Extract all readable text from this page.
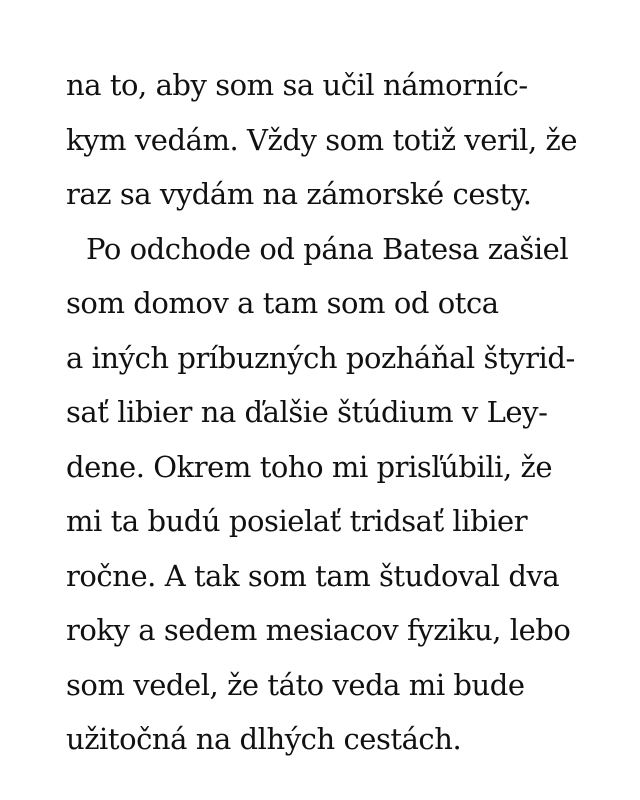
na to, aby som sa učil námorníc-
kym vedám. Vždy som totiž veril, že
raz sa vydám na zámorské cesty.
Po odchode od pána Batesa zašiel
som domov a tam som od otca
a iných príbuzných pozháňal štyrid-
sať libier na ďalšie štúdium v Ley-
dene. Okrem toho mi prisľúbili, že
mi ta budú posielať tridsať libier
ročne. A tak som tam študoval dva
roky a sedem mesiacov fyziku, lebo
som vedel, že táto veda mi bude
užitočná na dlhých cestách.
